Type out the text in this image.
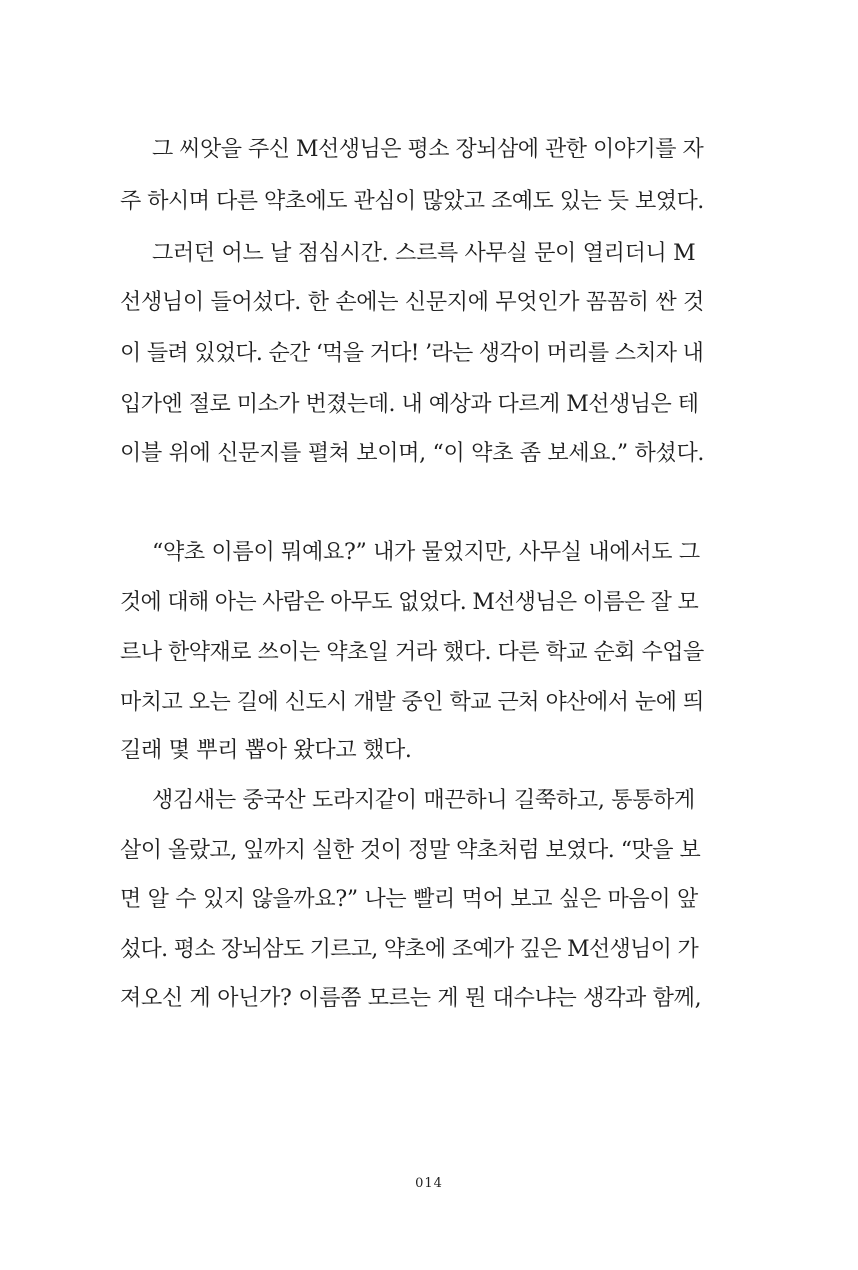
그 씨앗을 주신 M선생님은 평소 장뇌삼에 관한 이야기를 자
주 하시며 다른 약초에도 관심이 많았고 조예도 있는 듯 보였다.
그러던 어느 날 점심시간. 스르륵 사무실 문이 열리더니 M
선생님이 들어섰다. 한 손에는 신문지에 무엇인가 꼼꼼히 싼 것
이 들려 있었다. 순간 ‘먹을 거다! ’라는 생각이 머리를 스치자 내
입가엔 절로 미소가 번졌는데. 내 예상과 다르게 M선생님은 테
이블 위에 신문지를 펼쳐 보이며, “이 약초 좀 보세요.” 하셨다.
“약초 이름이 뭐예요?” 내가 물었지만, 사무실 내에서도 그
것에 대해 아는 사람은 아무도 없었다. M선생님은 이름은 잘 모
르나 한약재로 쓰이는 약초일 거라 했다. 다른 학교 순회 수업을
마치고 오는 길에 신도시 개발 중인 학교 근처 야산에서 눈에 띄
길래 몇 뿌리 뽑아 왔다고 했다.
생김새는 중국산 도라지같이 매끈하니 길쭉하고, 통통하게
살이 올랐고, 잎까지 실한 것이 정말 약초처럼 보였다. “맛을 보
면 알 수 있지 않을까요?” 나는 빨리 먹어 보고 싶은 마음이 앞
섰다. 평소 장뇌삼도 기르고, 약초에 조예가 깊은 M선생님이 가
져오신 게 아닌가? 이름쯤 모르는 게 뭔 대수냐는 생각과 함께,
014
